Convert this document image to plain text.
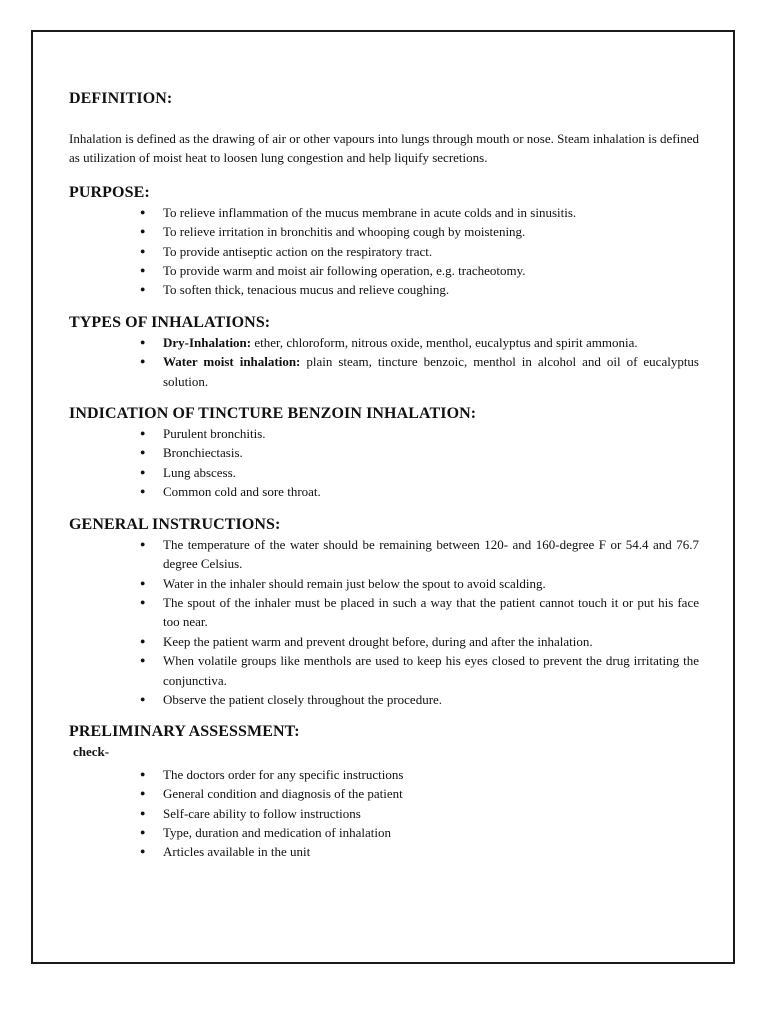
DEFINITION:

Inhalation is defined as the drawing of air or other vapours into lungs through mouth or nose. Steam inhalation is defined as utilization of moist heat to loosen lung congestion and help liquify secretions.

PURPOSE:
● To relieve inflammation of the mucus membrane in acute colds and in sinusitis.
● To relieve irritation in bronchitis and whooping cough by moistening.
● To provide antiseptic action on the respiratory tract.
● To provide warm and moist air following operation, e.g. tracheotomy.
● To soften thick, tenacious mucus and relieve coughing.
TYPES OF INHALATIONS:
● Dry-Inhalation: ether, chloroform, nitrous oxide, menthol, eucalyptus and spirit ammonia.
● Water moist inhalation: plain steam, tincture benzoic, menthol in alcohol and oil of eucalyptus solution.
INDICATION OF TINCTURE BENZOIN INHALATION:
● Purulent bronchitis.
● Bronchiectasis.
● Lung abscess.
● Common cold and sore throat.
GENERAL INSTRUCTIONS:
● The temperature of the water should be remaining between 120- and 160-degree F or 54.4 and 76.7 degree Celsius.
● Water in the inhaler should remain just below the spout to avoid scalding.
● The spout of the inhaler must be placed in such a way that the patient cannot touch it or put his face too near.
● Keep the patient warm and prevent drought before, during and after the inhalation.
● When volatile groups like menthols are used to keep his eyes closed to prevent the drug irritating the conjunctiva.
● Observe the patient closely throughout the procedure.
PRELIMINARY ASSESSMENT:
check-
● The doctors order for any specific instructions
● General condition and diagnosis of the patient
● Self-care ability to follow instructions
● Type, duration and medication of inhalation
● Articles available in the unit
